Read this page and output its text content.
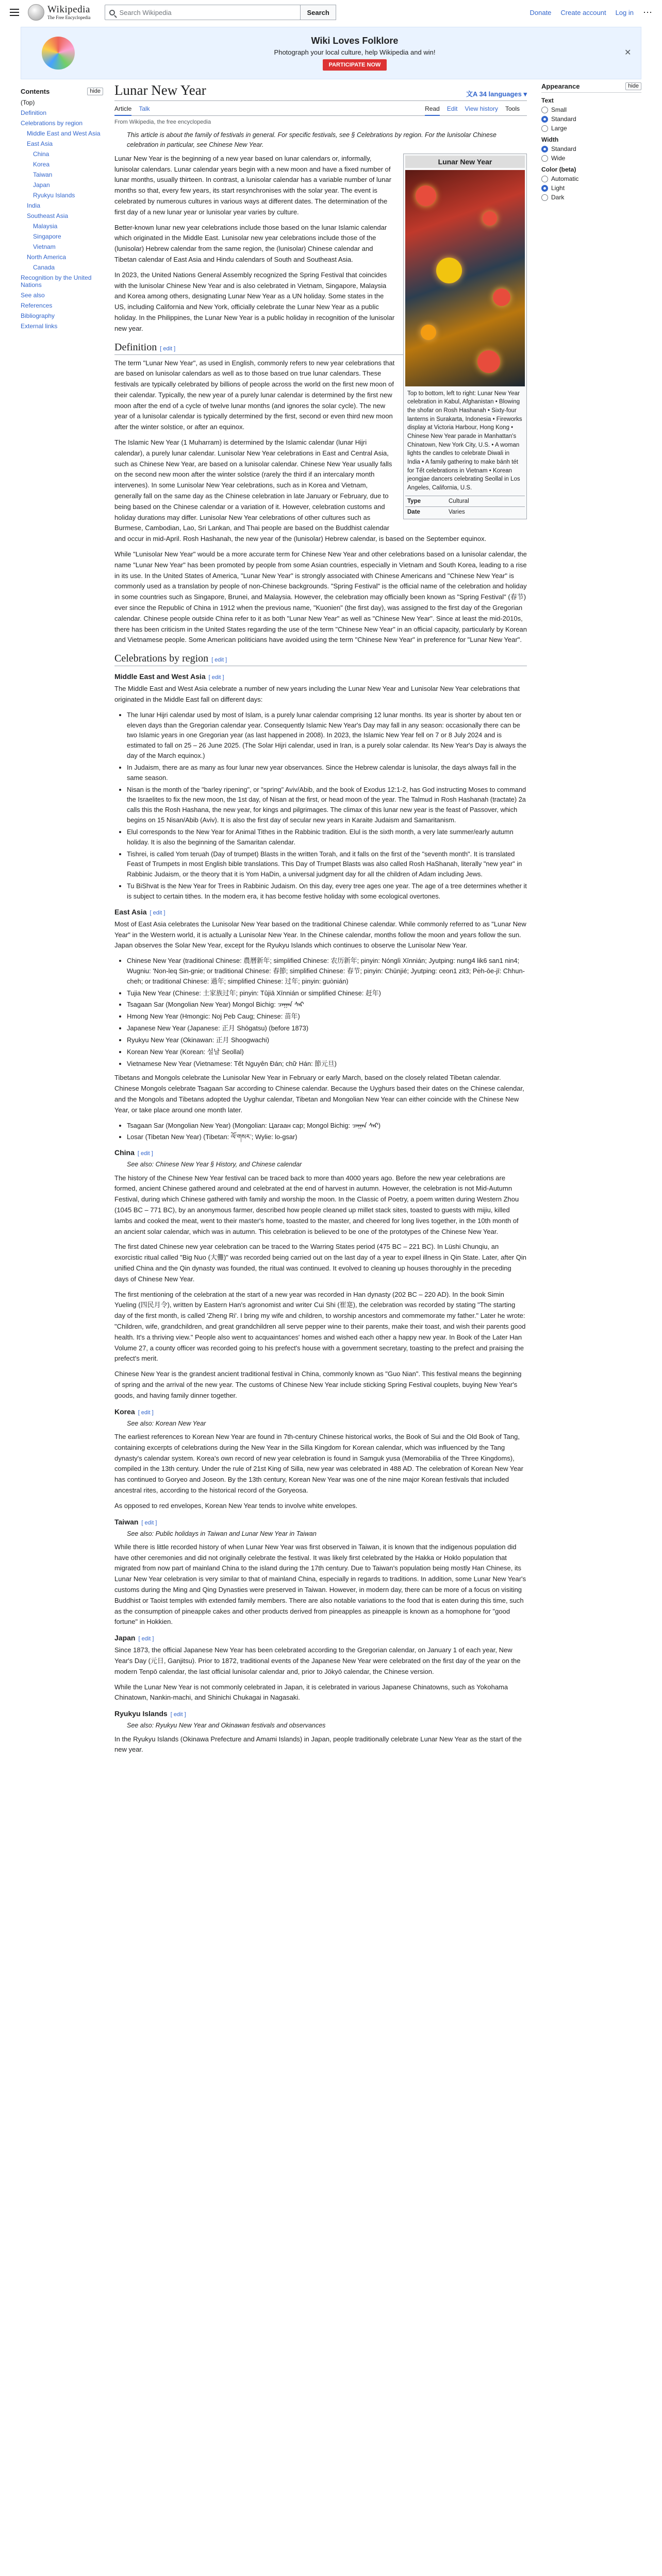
Wikipedia
The Free Encyclopedia
Search Wikipedia	Search	Donate Create account Log in ⋯
Wiki Loves Folklore

Photograph your local culture, help Wikipedia and win!

PARTICIPATE NOW
✕
Contents	hide
(Top)
Definition
Celebrations by region
Middle East and West Asia
East Asia
China
Korea
Taiwan
Japan
Ryukyu Islands
India
Southeast Asia
Malaysia
Singapore
Vietnam
North America
Canada
Recognition by the United Nations
See also
References
Bibliography
External links
Lunar New Year	文A 34 languages ▾
Article Talk	Read Edit View history Tools
From Wikipedia, the free encyclopedia
This article is about the family of festivals in general. For specific festivals, see § Celebrations by region. For the lunisolar Chinese celebration in particular, see Chinese New Year.
Lunar New Year
Top to bottom, left to right: Lunar New Year celebration in Kabul, Afghanistan • Blowing the shofar on Rosh Hashanah • Sixty-four lanterns in Surakarta, Indonesia • Fireworks display at Victoria Harbour, Hong Kong • Chinese New Year parade in Manhattan's Chinatown, New York City, U.S. • A woman lights the candles to celebrate Diwali in India • A family gathering to make bánh tét for Tết celebrations in Vietnam • Korean jeongjae dancers celebrating Seollal in Los Angeles, California, U.S.
Type	Cultural
Date	Varies

Lunar New Year is the beginning of a new year based on lunar calendars or, informally, lunisolar calendars. Lunar calendar years begin with a new moon and have a fixed number of lunar months, usually thirteen. In contrast, a lunisolar calendar has a variable number of lunar months so that, every few years, its start resynchronises with the solar year. The event is celebrated by numerous cultures in various ways at different dates. The determination of the first day of a new lunar year or lunisolar year varies by culture.

Better-known lunar new year celebrations include those based on the lunar Islamic calendar which originated in the Middle East. Lunisolar new year celebrations include those of the (lunisolar) Hebrew calendar from the same region, the (lunisolar) Chinese calendar and Tibetan calendar of East Asia and Hindu calendars of South and Southeast Asia.

In 2023, the United Nations General Assembly recognized the Spring Festival that coincides with the lunisolar Chinese New Year and is also celebrated in Vietnam, Singapore, Malaysia and Korea among others, designating Lunar New Year as a UN holiday. Some states in the US, including California and New York, officially celebrate the Lunar New Year as a public holiday. In the Philippines, the Lunar New Year is a public holiday in recognition of the lunisolar new year.

Definition [ edit ]

The term "Lunar New Year", as used in English, commonly refers to new year celebrations that are based on lunisolar calendars as well as to those based on true lunar calendars. These festivals are typically celebrated by billions of people across the world on the first new moon of their calendar. Typically, the new year of a purely lunar calendar is determined by the first new moon after the end of a cycle of twelve lunar months (and ignores the solar cycle). The new year of a lunisolar calendar is typically determined by the first, second or even third new moon after the winter solstice, or after an equinox.

The Islamic New Year (1 Muharram) is determined by the Islamic calendar (lunar Hijri calendar), a purely lunar calendar. Lunisolar New Year celebrations in East and Central Asia, such as Chinese New Year, are based on a lunisolar calendar. Chinese New Year usually falls on the second new moon after the winter solstice (rarely the third if an intercalary month intervenes). In some Lunisolar New Year celebrations, such as in Korea and Vietnam, generally fall on the same day as the Chinese celebration in late January or February, due to being based on the Chinese calendar or a variation of it. However, celebration customs and holiday durations may differ. Lunisolar New Year celebrations of other cultures such as Burmese, Cambodian, Lao, Sri Lankan, and Thai people are based on the Buddhist calendar and occur in mid-April. Rosh Hashanah, the new year of the (lunisolar) Hebrew calendar, is based on the September equinox.

While "Lunisolar New Year" would be a more accurate term for Chinese New Year and other celebrations based on a lunisolar calendar, the name "Lunar New Year" has been promoted by people from some Asian countries, especially in Vietnam and South Korea, leading to a rise in its use. In the United States of America, "Lunar New Year" is strongly associated with Chinese Americans and "Chinese New Year" is commonly used as a translation by people of non-Chinese backgrounds. "Spring Festival" is the official name of the celebration and holiday in some countries such as Singapore, Brunei, and Malaysia. However, the celebration may officially been known as "Spring Festival" (春节) ever since the Republic of China in 1912 when the previous name, "Kuonien" (the first day), was assigned to the first day of the Gregorian calendar. Chinese people outside China refer to it as both "Lunar New Year" as well as "Chinese New Year". Since at least the mid-2010s, there has been criticism in the United States regarding the use of the term "Chinese New Year" in an official capacity, particularly by Korean and Vietnamese people. Some American politicians have avoided using the term "Chinese New Year" in preference for "Lunar New Year".

Celebrations by region [ edit ]
Middle East and West Asia [ edit ]

The Middle East and West Asia celebrate a number of new years including the Lunar New Year and Lunisolar New Year celebrations that originated in the Middle East fall on different days:

• The lunar Hijri calendar used by most of Islam, is a purely lunar calendar comprising 12 lunar months. Its year is shorter by about ten or eleven days than the Gregorian calendar year. Consequently Islamic New Year's Day may fall in any season: occasionally there can be two Islamic years in one Gregorian year (as last happened in 2008). In 2023, the Islamic New Year fell on 7 or 8 July 2024 and is estimated to fall on 25 – 26 June 2025. (The Solar Hijri calendar, used in Iran, is a purely solar calendar. Its New Year's Day is always the day of the March equinox.)
• In Judaism, there are as many as four lunar new year observances. Since the Hebrew calendar is lunisolar, the days always fall in the same season.
• Nisan is the month of the "barley ripening", or "spring" Aviv/Abib, and the book of Exodus 12:1-2, has God instructing Moses to command the Israelites to fix the new moon, the 1st day, of Nisan at the first, or head moon of the year. The Talmud in Rosh Hashanah (tractate) 2a calls this the Rosh Hashana, the new year, for kings and pilgrimages. The climax of this lunar new year is the feast of Passover, which begins on 15 Nisan/Abib (Aviv). It is also the first day of secular new years in Karaite Judaism and Samaritanism.
• Elul corresponds to the New Year for Animal Tithes in the Rabbinic tradition. Elul is the sixth month, a very late summer/early autumn holiday. It is also the beginning of the Samaritan calendar.
• Tishrei, is called Yom teruah (Day of trumpet) Blasts in the written Torah, and it falls on the first of the "seventh month". It is translated Feast of Trumpets in most English bible translations. This Day of Trumpet Blasts was also called Rosh HaShanah, literally "new year" in Rabbinic Judaism, or the theory that it is Yom HaDin, a universal judgment day for all the children of Adam including Jews.
• Tu BiShvat is the New Year for Trees in Rabbinic Judaism. On this day, every tree ages one year. The age of a tree determines whether it is subject to certain tithes. In the modern era, it has become festive holiday with some ecological overtones.
East Asia [ edit ]

Most of East Asia celebrates the Lunisolar New Year based on the traditional Chinese calendar. While commonly referred to as "Lunar New Year" in the Western world, it is actually a Lunisolar New Year. In the Chinese calendar, months follow the moon and years follow the sun. Japan observes the Solar New Year, except for the Ryukyu Islands which continues to observe the Lunisolar New Year.

• Chinese New Year (traditional Chinese: 農曆新年; simplified Chinese: 农历新年; pinyin: Nónglì Xīnnián; Jyutping: nung4 lik6 san1 nin4; Wugniu: 'Non-leq Sin-gnie; or traditional Chinese: 春節; simplified Chinese: 春节; pinyin: Chūnjié; Jyutping: ceon1 zit3; Pe̍h-ōe-jī: Chhun-cheh; or traditional Chinese: 過年; simplified Chinese: 过年; pinyin: guònián)
• Tujia New Year (Chinese: 土家族过年; pinyin: Tǔjiā Xīnnián or simplified Chinese: 赶年)
• Tsagaan Sar (Mongolian New Year) Mongol Bichig: ᠴᠠᠭᠠᠨ ᠰᠠᠷ
• Hmong New Year (Hmongic: Noj Peb Caug; Chinese: 苗年)
• Japanese New Year (Japanese: 正月 Shōgatsu) (before 1873)
• Ryukyu New Year (Okinawan: 正月 Shoogwachi)
• Korean New Year (Korean: 설날 Seollal)
• Vietnamese New Year (Vietnamese: Tết Nguyên Đán; chữ Hán: 節元旦)

Tibetans and Mongols celebrate the Lunisolar New Year in February or early March, based on the closely related Tibetan calendar. Chinese Mongols celebrate Tsagaan Sar according to Chinese calendar. Because the Uyghurs based their dates on the Chinese calendar, and the Mongols and Tibetans adopted the Uyghur calendar, Tibetan and Mongolian New Year can either coincide with the Chinese New Year, or take place around one month later.

• Tsagaan Sar (Mongolian New Year) (Mongolian: Цагаан сар; Mongol Bichig: ᠴᠠᠭᠠᠨ ᠰᠠᠷ)
• Losar (Tibetan New Year) (Tibetan: ལོ་གསར་; Wylie: lo-gsar)
China [ edit ]
See also: Chinese New Year § History, and Chinese calendar

The history of the Chinese New Year festival can be traced back to more than 4000 years ago. Before the new year celebrations are formed, ancient Chinese gathered around and celebrated at the end of harvest in autumn. However, the celebration is not Mid-Autumn Festival, during which Chinese gathered with family and worship the moon. In the Classic of Poetry, a poem written during Western Zhou (1045 BC – 771 BC), by an anonymous farmer, described how people cleaned up millet stack sites, toasted to guests with mijiu, killed lambs and cooked the meat, went to their master's home, toasted to the master, and cheered for long lives together, in the 10th month of an ancient solar calendar, which was in autumn. This celebration is believed to be one of the prototypes of the Chinese New Year.

The first dated Chinese new year celebration can be traced to the Warring States period (475 BC – 221 BC). In Lüshi Chunqiu, an exorcistic ritual called "Big Nuo (大儺)" was recorded being carried out on the last day of a year to expel illness in Qin State. Later, after Qin unified China and the Qin dynasty was founded, the ritual was continued. It evolved to cleaning up houses thoroughly in the preceding days of Chinese New Year.

The first mentioning of the celebration at the start of a new year was recorded in Han dynasty (202 BC – 220 AD). In the book Simin Yueling (四民月令), written by Eastern Han's agronomist and writer Cui Shi (崔寔), the celebration was recorded by stating "The starting day of the first month, is called 'Zheng Ri'. I bring my wife and children, to worship ancestors and commemorate my father." Later he wrote: "Children, wife, grandchildren, and great grandchildren all serve pepper wine to their parents, make their toast, and wish their parents good health. It's a thriving view." People also went to acquaintances' homes and wished each other a happy new year. In Book of the Later Han Volume 27, a county officer was recorded going to his prefect's house with a government secretary, toasting to the prefect and praising the prefect's merit.

Chinese New Year is the grandest ancient traditional festival in China, commonly known as "Guo Nian". This festival means the beginning of spring and the arrival of the new year. The customs of Chinese New Year include sticking Spring Festival couplets, buying New Year's goods, and having family dinner together.

Korea [ edit ]
See also: Korean New Year

The earliest references to Korean New Year are found in 7th-century Chinese historical works, the Book of Sui and the Old Book of Tang, containing excerpts of celebrations during the New Year in the Silla Kingdom for Korean calendar, which was influenced by the Tang dynasty's calendar system. Korea's own record of new year celebration is found in Samguk yusa (Memorabilia of the Three Kingdoms), compiled in the 13th century. Under the rule of 21st King of Silla, new year was celebrated in 488 AD. The celebration of Korean New Year has continued to Goryeo and Joseon. By the 13th century, Korean New Year was one of the nine major Korean festivals that included ancestral rites, according to the historical record of the Goryeosa.

As opposed to red envelopes, Korean New Year tends to involve white envelopes.

Taiwan [ edit ]
See also: Public holidays in Taiwan and Lunar New Year in Taiwan

While there is little recorded history of when Lunar New Year was first observed in Taiwan, it is known that the indigenous population did have other ceremonies and did not originally celebrate the festival. It was likely first celebrated by the Hakka or Hoklo population that migrated from now part of mainland China to the island during the 17th century. Due to Taiwan's population being mostly Han Chinese, its Lunar New Year celebration is very similar to that of mainland China, especially in regards to traditions. In addition, some Lunar New Year's customs during the Ming and Qing Dynasties were preserved in Taiwan. However, in modern day, there can be more of a focus on visiting Buddhist or Taoist temples with extended family members. There are also notable variations to the food that is eaten during this time, such as the consumption of pineapple cakes and other products derived from pineapples as pineapple is known as a homophone for "good fortune" in Hokkien.

Japan [ edit ]

Since 1873, the official Japanese New Year has been celebrated according to the Gregorian calendar, on January 1 of each year, New Year's Day (元日, Ganjitsu). Prior to 1872, traditional events of the Japanese New Year were celebrated on the first day of the year on the modern Tenpō calendar, the last official lunisolar calendar and, prior to Jōkyō calendar, the Chinese version.

While the Lunar New Year is not commonly celebrated in Japan, it is celebrated in various Japanese Chinatowns, such as Yokohama Chinatown, Nankin-machi, and Shinichi Chukagai in Nagasaki.

Ryukyu Islands [ edit ]
See also: Ryukyu New Year and Okinawan festivals and observances

In the Ryukyu Islands (Okinawa Prefecture and Amami Islands) in Japan, people traditionally celebrate Lunar New Year as the start of the new year.

Appearance	hide
Text
Small
Standard
Large
Width
Standard
Wide
Color (beta)
Automatic
Light
Dark
